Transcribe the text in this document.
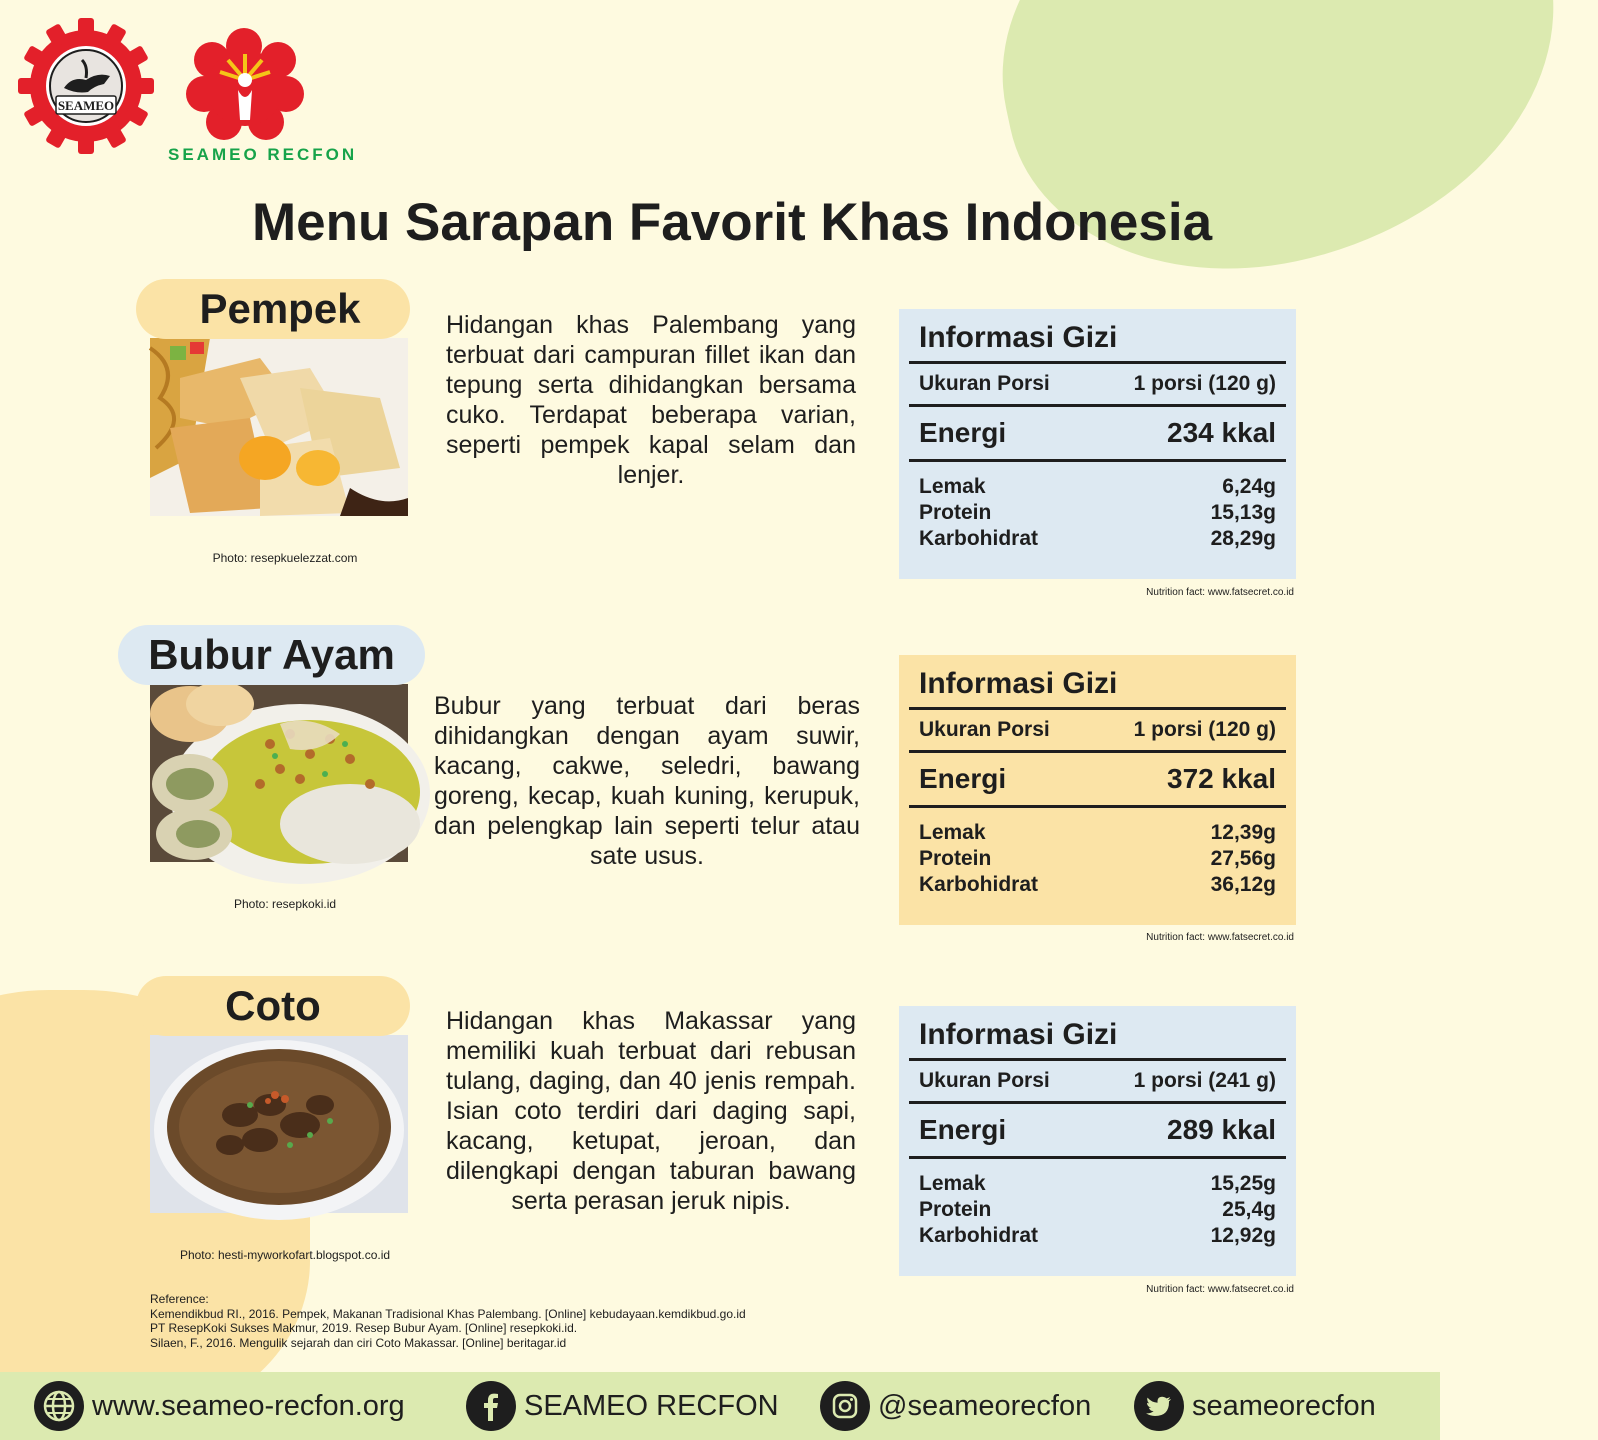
SEAMEO
SEAMEO RECFON
Menu Sarapan Favorit Khas Indonesia
Pempek
Photo: resepkuelezzat.com

Hidangan khas Palembang yang terbuat dari campuran fillet ikan dan tepung serta dihidangkan bersama cuko. Terdapat beberapa varian, seperti pempek kapal selam dan lenjer.

Informasi Gizi
Ukuran Porsi	1 porsi (120 g)
Energi	234 kkal
Lemak	6,24g
Protein	15,13g
Karbohidrat	28,29g
Nutrition fact: www.fatsecret.co.id
Bubur Ayam
Photo: resepkoki.id

Bubur yang terbuat dari beras dihidangkan dengan ayam suwir, kacang, cakwe, seledri, bawang goreng, kecap, kuah kuning, kerupuk, dan pelengkap lain seperti telur atau sate usus.

Informasi Gizi
Ukuran Porsi	1 porsi (120 g)
Energi	372 kkal
Lemak	12,39g
Protein	27,56g
Karbohidrat	36,12g
Nutrition fact: www.fatsecret.co.id
Coto
Photo: hesti-myworkofart.blogspot.co.id

Hidangan khas Makassar yang memiliki kuah terbuat dari rebusan tulang, daging, dan 40 jenis rempah. Isian coto terdiri dari daging sapi, kacang, ketupat, jeroan, dan dilengkapi dengan taburan bawang serta perasan jeruk nipis.

Informasi Gizi
Ukuran Porsi	1 porsi (241 g)
Energi	289 kkal
Lemak	15,25g
Protein	25,4g
Karbohidrat	12,92g
Nutrition fact: www.fatsecret.co.id
Reference:
Kemendikbud RI., 2016. Pempek, Makanan Tradisional Khas Palembang. [Online] kebudayaan.kemdikbud.go.id
PT ResepKoki Sukses Makmur, 2019. Resep Bubur Ayam. [Online] resepkoki.id.
Silaen, F., 2016. Mengulik sejarah dan ciri Coto Makassar. [Online] beritagar.id
www.seameo-recfon.org	SEAMEO RECFON	@seameorecfon	seameorecfon
